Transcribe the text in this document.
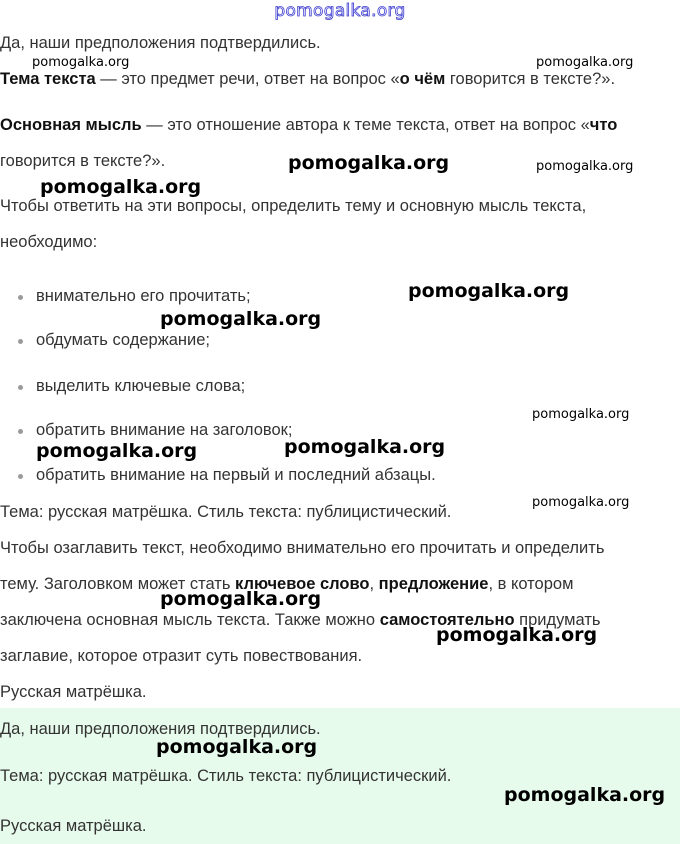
pomogalka.org
Да, наши предположения подтвердились.
Тема текста — это предмет речи, ответ на вопрос «о чём говорится в тексте?».
Основная мысль — это отношение автора к теме текста, ответ на вопрос «что
говорится в тексте?».
Чтобы ответить на эти вопросы, определить тему и основную мысль текста,
необходимо:
внимательно его прочитать;
обдумать содержание;
выделить ключевые слова;
обратить внимание на заголовок;
обратить внимание на первый и последний абзацы.
Тема: русская матрёшка. Стиль текста: публицистический.
Чтобы озаглавить текст, необходимо внимательно его прочитать и определить
тему. Заголовком может стать ключевое слово, предложение, в котором
заключена основная мысль текста. Также можно самостоятельно придумать
заглавие, которое отразит суть повествования.
Русская матрёшка.
Да, наши предположения подтвердились.
Тема: русская матрёшка. Стиль текста: публицистический.
Русская матрёшка.
pomogalka.org	pomogalka.org
pomogalka.org	pomogalka.org
pomogalka.org
pomogalka.org
pomogalka.org
pomogalka.org
pomogalka.org	pomogalka.org
pomogalka.org
pomogalka.org
pomogalka.org
pomogalka.org
pomogalka.org
